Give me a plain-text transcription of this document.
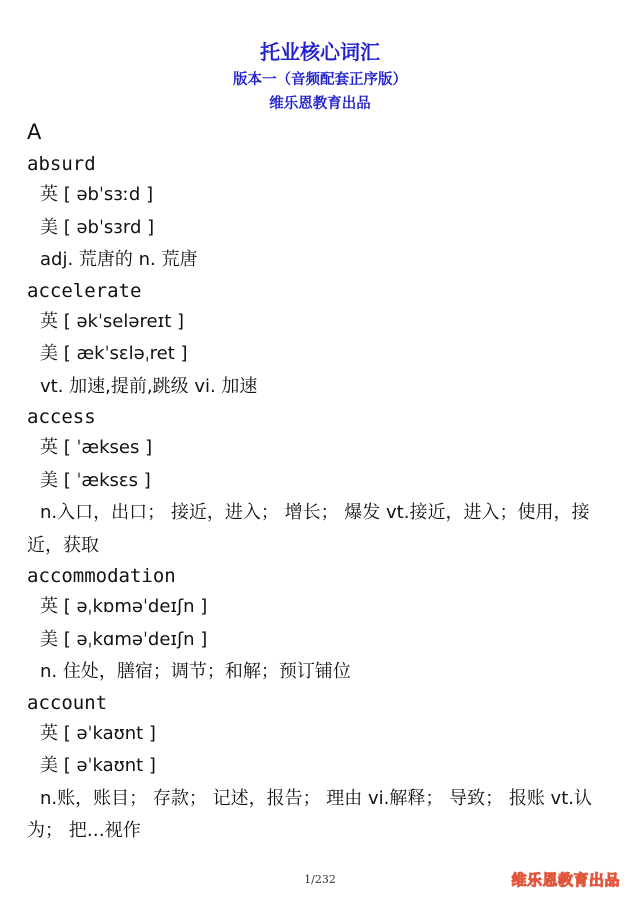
托业核心词汇
版本一（音频配套正序版）
维乐恩教育出品
A
absurd
英 [ əbˈsɜːd ]
美 [ əbˈsɜrd ]
adj. 荒唐的 n. 荒唐
accelerate
英 [ əkˈseləreɪt ]
美 [ ækˈsɛləˌret ]
vt. 加速,提前,跳级 vi. 加速
access
英 [ ˈækses ]
美 [ ˈæksɛs ]
n.入口，出口； 接近，进入； 增长； 爆发 vt.接近，进入；使用，接近，获取
accommodation
英 [ əˌkɒməˈdeɪʃn ]
美 [ əˌkɑməˈdeɪʃn ]
n. 住处，膳宿；调节；和解；预订铺位
account
英 [ əˈkaʊnt ]
美 [ əˈkaʊnt ]
n.账，账目； 存款； 记述，报告； 理由 vi.解释； 导致； 报账 vt.认为； 把…视作
1/232	维乐恩教育出品
